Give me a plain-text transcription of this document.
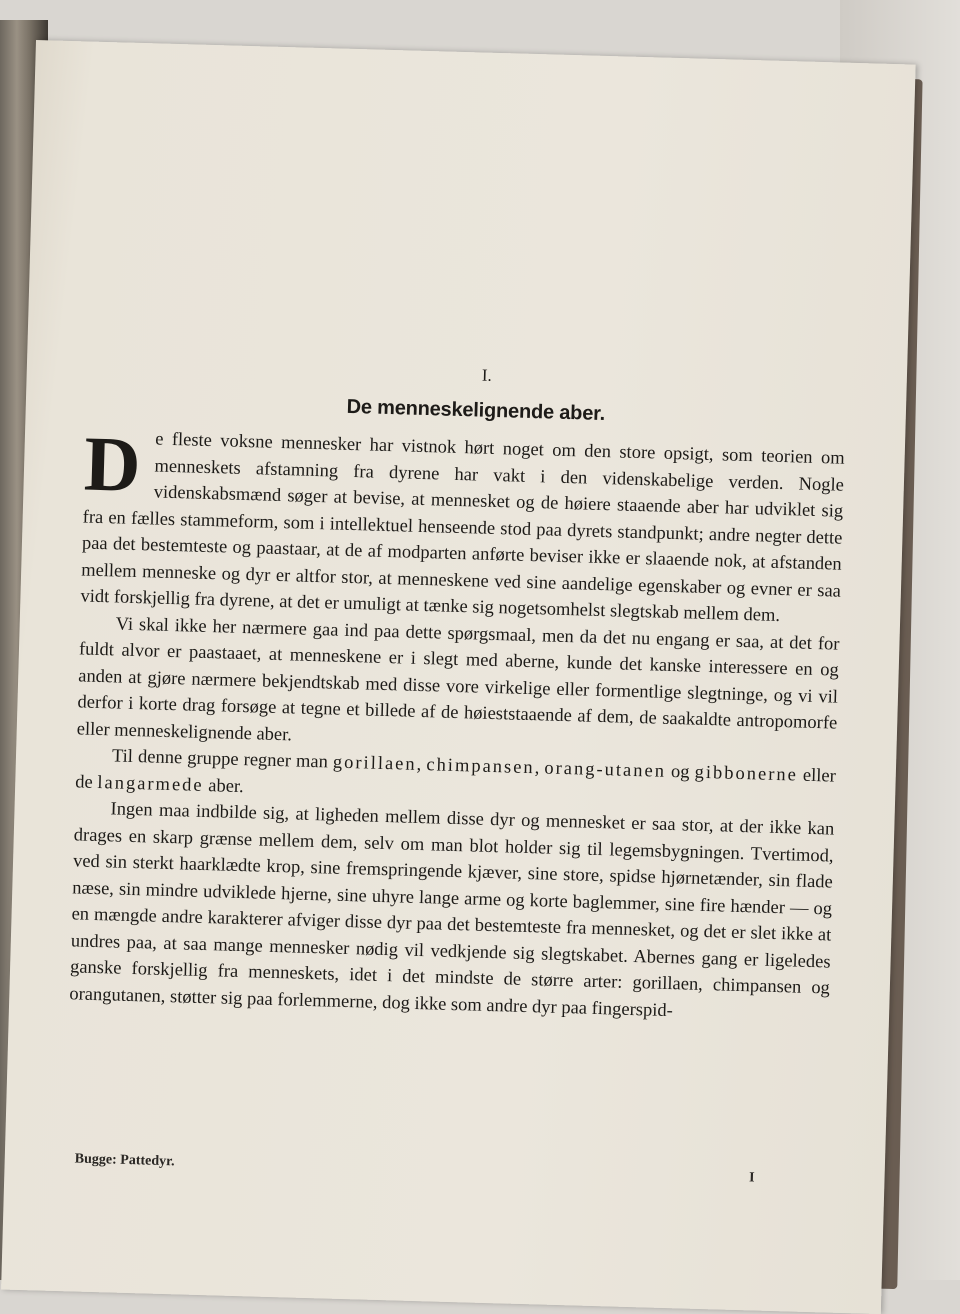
I.

De menneskelignende aber.

De fleste voksne mennesker har vistnok hørt noget om den store opsigt, som teorien om menneskets afstamning fra dyrene har vakt i den videnskabelige verden. Nogle videnskabsmænd søger at bevise, at mennesket og de høiere staaende aber har udviklet sig fra en fælles stammeform, som i intellektuel henseende stod paa dyrets standpunkt; andre negter dette paa det bestemteste og paastaar, at de af modparten anførte beviser ikke er slaaende nok, at afstanden mellem menneske og dyr er altfor stor, at menneskene ved sine aandelige egenskaber og evner er saa vidt forskjellig fra dyrene, at det er umuligt at tænke sig nogetsomhelst slegtskab mellem dem.

Vi skal ikke her nærmere gaa ind paa dette spørgsmaal, men da det nu engang er saa, at det for fuldt alvor er paastaaet, at menneskene er i slegt med aberne, kunde det kanske interessere en og anden at gjøre nærmere bekjendtskab med disse vore virkelige eller formentlige slegtninge, og vi vil derfor i korte drag forsøge at tegne et billede af de høieststaaende af dem, de saakaldte antropomorfe eller menneskelignende aber.

Til denne gruppe regner man gorillaen, chimpansen, orang-utanen og gibbonerne eller de langarmede aber.

Ingen maa indbilde sig, at ligheden mellem disse dyr og mennesket er saa stor, at der ikke kan drages en skarp grænse mellem dem, selv om man blot holder sig til legemsbygningen. Tvertimod, ved sin sterkt haarklædte krop, sine fremspringende kjæver, sine store, spidse hjørnetænder, sin flade næse, sin mindre udviklede hjerne, sine uhyre lange arme og korte baglemmer, sine fire hænder — og en mængde andre karakterer afviger disse dyr paa det bestemteste fra mennesket, og det er slet ikke at undres paa, at saa mange mennesker nødig vil vedkjende sig slegtskabet. Abernes gang er ligeledes ganske forskjellig fra menneskets, idet i det mindste de større arter: gorillaen, chimpansen og orangutanen, støtter sig paa forlemmerne, dog ikke som andre dyr paa fingerspid-

Bugge: Pattedyr.
I
